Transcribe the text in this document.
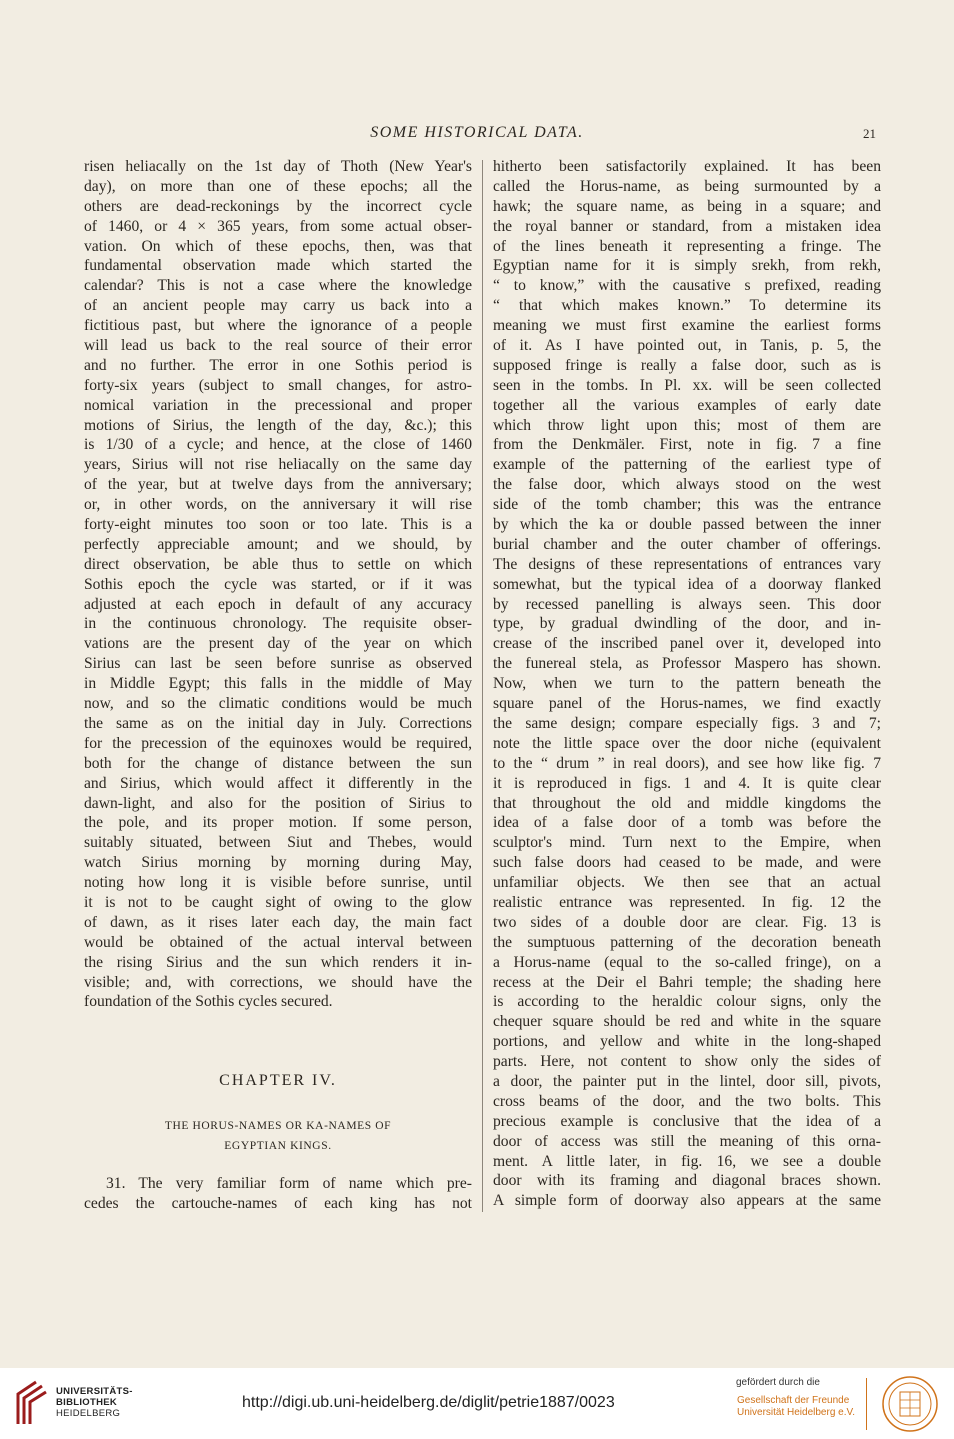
SOME HISTORICAL DATA.	21
risen heliacally on the 1st day of Thoth (New Year's
day), on more than one of these epochs; all the
others are dead-reckonings by the incorrect cycle
of 1460, or 4 × 365 years, from some actual obser-
vation. On which of these epochs, then, was that
fundamental observation made which started the
calendar? This is not a case where the knowledge
of an ancient people may carry us back into a
fictitious past, but where the ignorance of a people
will lead us back to the real source of their error
and no further. The error in one Sothis period is
forty-six years (subject to small changes, for astro-
nomical variation in the precessional and proper
motions of Sirius, the length of the day, &c.); this
is 1/30 of a cycle; and hence, at the close of 1460
years, Sirius will not rise heliacally on the same day
of the year, but at twelve days from the anniversary;
or, in other words, on the anniversary it will rise
forty-eight minutes too soon or too late. This is a
perfectly appreciable amount; and we should, by
direct observation, be able thus to settle on which
Sothis epoch the cycle was started, or if it was
adjusted at each epoch in default of any accuracy
in the continuous chronology. The requisite obser-
vations are the present day of the year on which
Sirius can last be seen before sunrise as observed
in Middle Egypt; this falls in the middle of May
now, and so the climatic conditions would be much
the same as on the initial day in July. Corrections
for the precession of the equinoxes would be required,
both for the change of distance between the sun
and Sirius, which would affect it differently in the
dawn-light, and also for the position of Sirius to
the pole, and its proper motion. If some person,
suitably situated, between Siut and Thebes, would
watch Sirius morning by morning during May,
noting how long it is visible before sunrise, until
it is not to be caught sight of owing to the glow
of dawn, as it rises later each day, the main fact
would be obtained of the actual interval between
the rising Sirius and the sun which renders it in-
visible; and, with corrections, we should have the
foundation of the Sothis cycles secured.
CHAPTER IV.
THE HORUS-NAMES OR KA-NAMES OF
EGYPTIAN KINGS.
31. The very familiar form of name which pre-
cedes the cartouche-names of each king has not
hitherto been satisfactorily explained. It has been
called the Horus-name, as being surmounted by a
hawk; the square name, as being in a square; and
the royal banner or standard, from a mistaken idea
of the lines beneath it representing a fringe. The
Egyptian name for it is simply srekh, from rekh,
“ to know,” with the causative s prefixed, reading
“ that which makes known.” To determine its
meaning we must first examine the earliest forms
of it. As I have pointed out, in Tanis, p. 5, the
supposed fringe is really a false door, such as is
seen in the tombs. In Pl. xx. will be seen collected
together all the various examples of early date
which throw light upon this; most of them are
from the Denkmäler. First, note in fig. 7 a fine
example of the patterning of the earliest type of
the false door, which always stood on the west
side of the tomb chamber; this was the entrance
by which the ka or double passed between the inner
burial chamber and the outer chamber of offerings.
The designs of these representations of entrances vary
somewhat, but the typical idea of a doorway flanked
by recessed panelling is always seen. This door
type, by gradual dwindling of the door, and in-
crease of the inscribed panel over it, developed into
the funereal stela, as Professor Maspero has shown.
Now, when we turn to the pattern beneath the
square panel of the Horus-names, we find exactly
the same design; compare especially figs. 3 and 7;
note the little space over the door niche (equivalent
to the “ drum ” in real doors), and see how like fig. 7
it is reproduced in figs. 1 and 4. It is quite clear
that throughout the old and middle kingdoms the
idea of a false door of a tomb was before the
sculptor's mind. Turn next to the Empire, when
such false doors had ceased to be made, and were
unfamiliar objects. We then see that an actual
realistic entrance was represented. In fig. 12 the
two sides of a double door are clear. Fig. 13 is
the sumptuous patterning of the decoration beneath
a Horus-name (equal to the so-called fringe), on a
recess at the Deir el Bahri temple; the shading here
is according to the heraldic colour signs, only the
chequer square should be red and white in the square
portions, and yellow and white in the long-shaped
parts. Here, not content to show only the sides of
a door, the painter put in the lintel, door sill, pivots,
cross beams of the door, and the two bolts. This
precious example is conclusive that the idea of a
door of access was still the meaning of this orna-
ment. A little later, in fig. 16, we see a double
door with its framing and diagonal braces shown.
A simple form of doorway also appears at the same
UNIVERSITÄTS-
BIBLIOTHEK
HEIDELBERG
http://digi.ub.uni-heidelberg.de/diglit/petrie1887/0023
gefördert durch die
Gesellschaft der Freunde
Universität Heidelberg e.V.
